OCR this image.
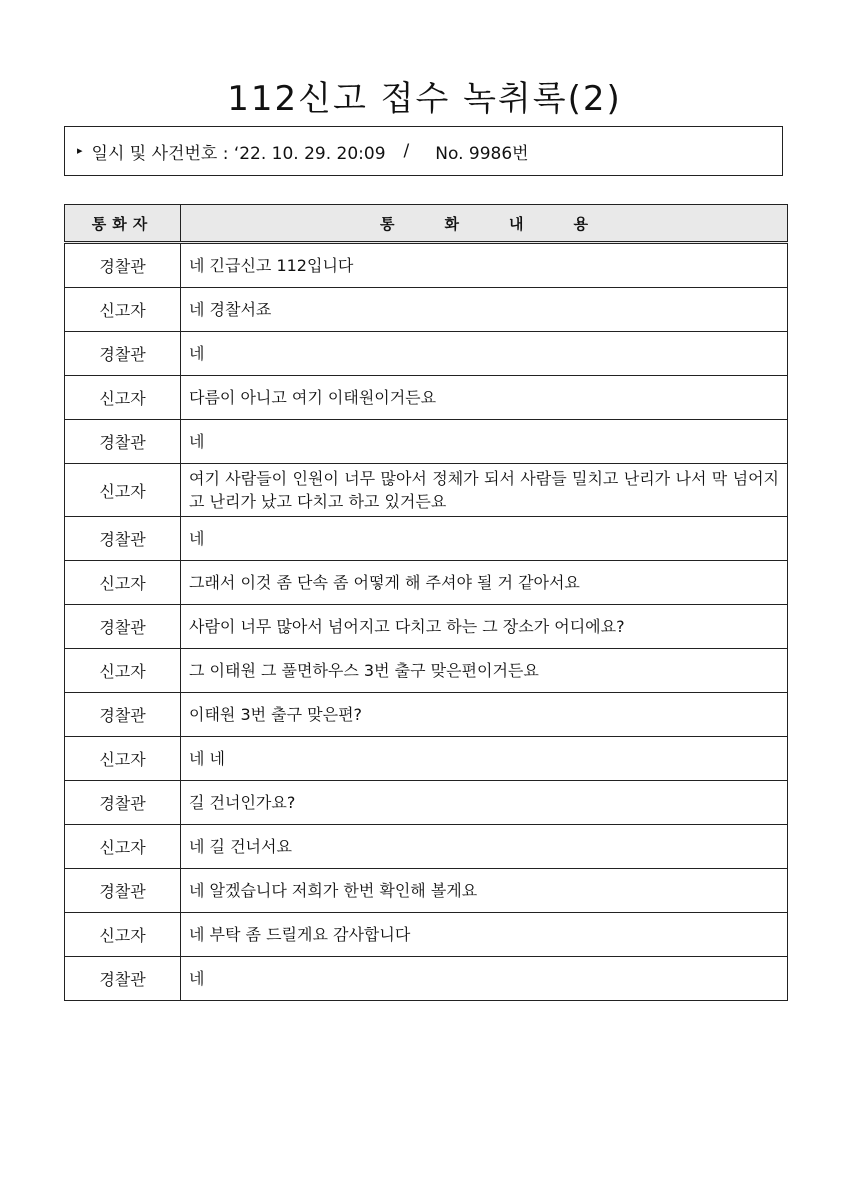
112신고 접수 녹취록(2)
▸ 일시 및 사건번호 : ‘22. 10. 29. 20:09 / No. 9986번
통화자	통화내용
경찰관	네 긴급신고 112입니다
신고자	네 경찰서죠
경찰관	네
신고자	다름이 아니고 여기 이태원이거든요
경찰관	네
신고자	여기 사람들이 인원이 너무 많아서 정체가 되서 사람들 밀치고 난리가 나서 막 넘어지고 난리가 났고 다치고 하고 있거든요
경찰관	네
신고자	그래서 이것 좀 단속 좀 어떻게 해 주셔야 될 거 같아서요
경찰관	사람이 너무 많아서 넘어지고 다치고 하는 그 장소가 어디에요?
신고자	그 이태원 그 풀면하우스 3번 출구 맞은편이거든요
경찰관	이태원 3번 출구 맞은편?
신고자	네 네
경찰관	길 건너인가요?
신고자	네 길 건너서요
경찰관	네 알겠습니다 저희가 한번 확인해 볼게요
신고자	네 부탁 좀 드릴게요 감사합니다
경찰관	네
